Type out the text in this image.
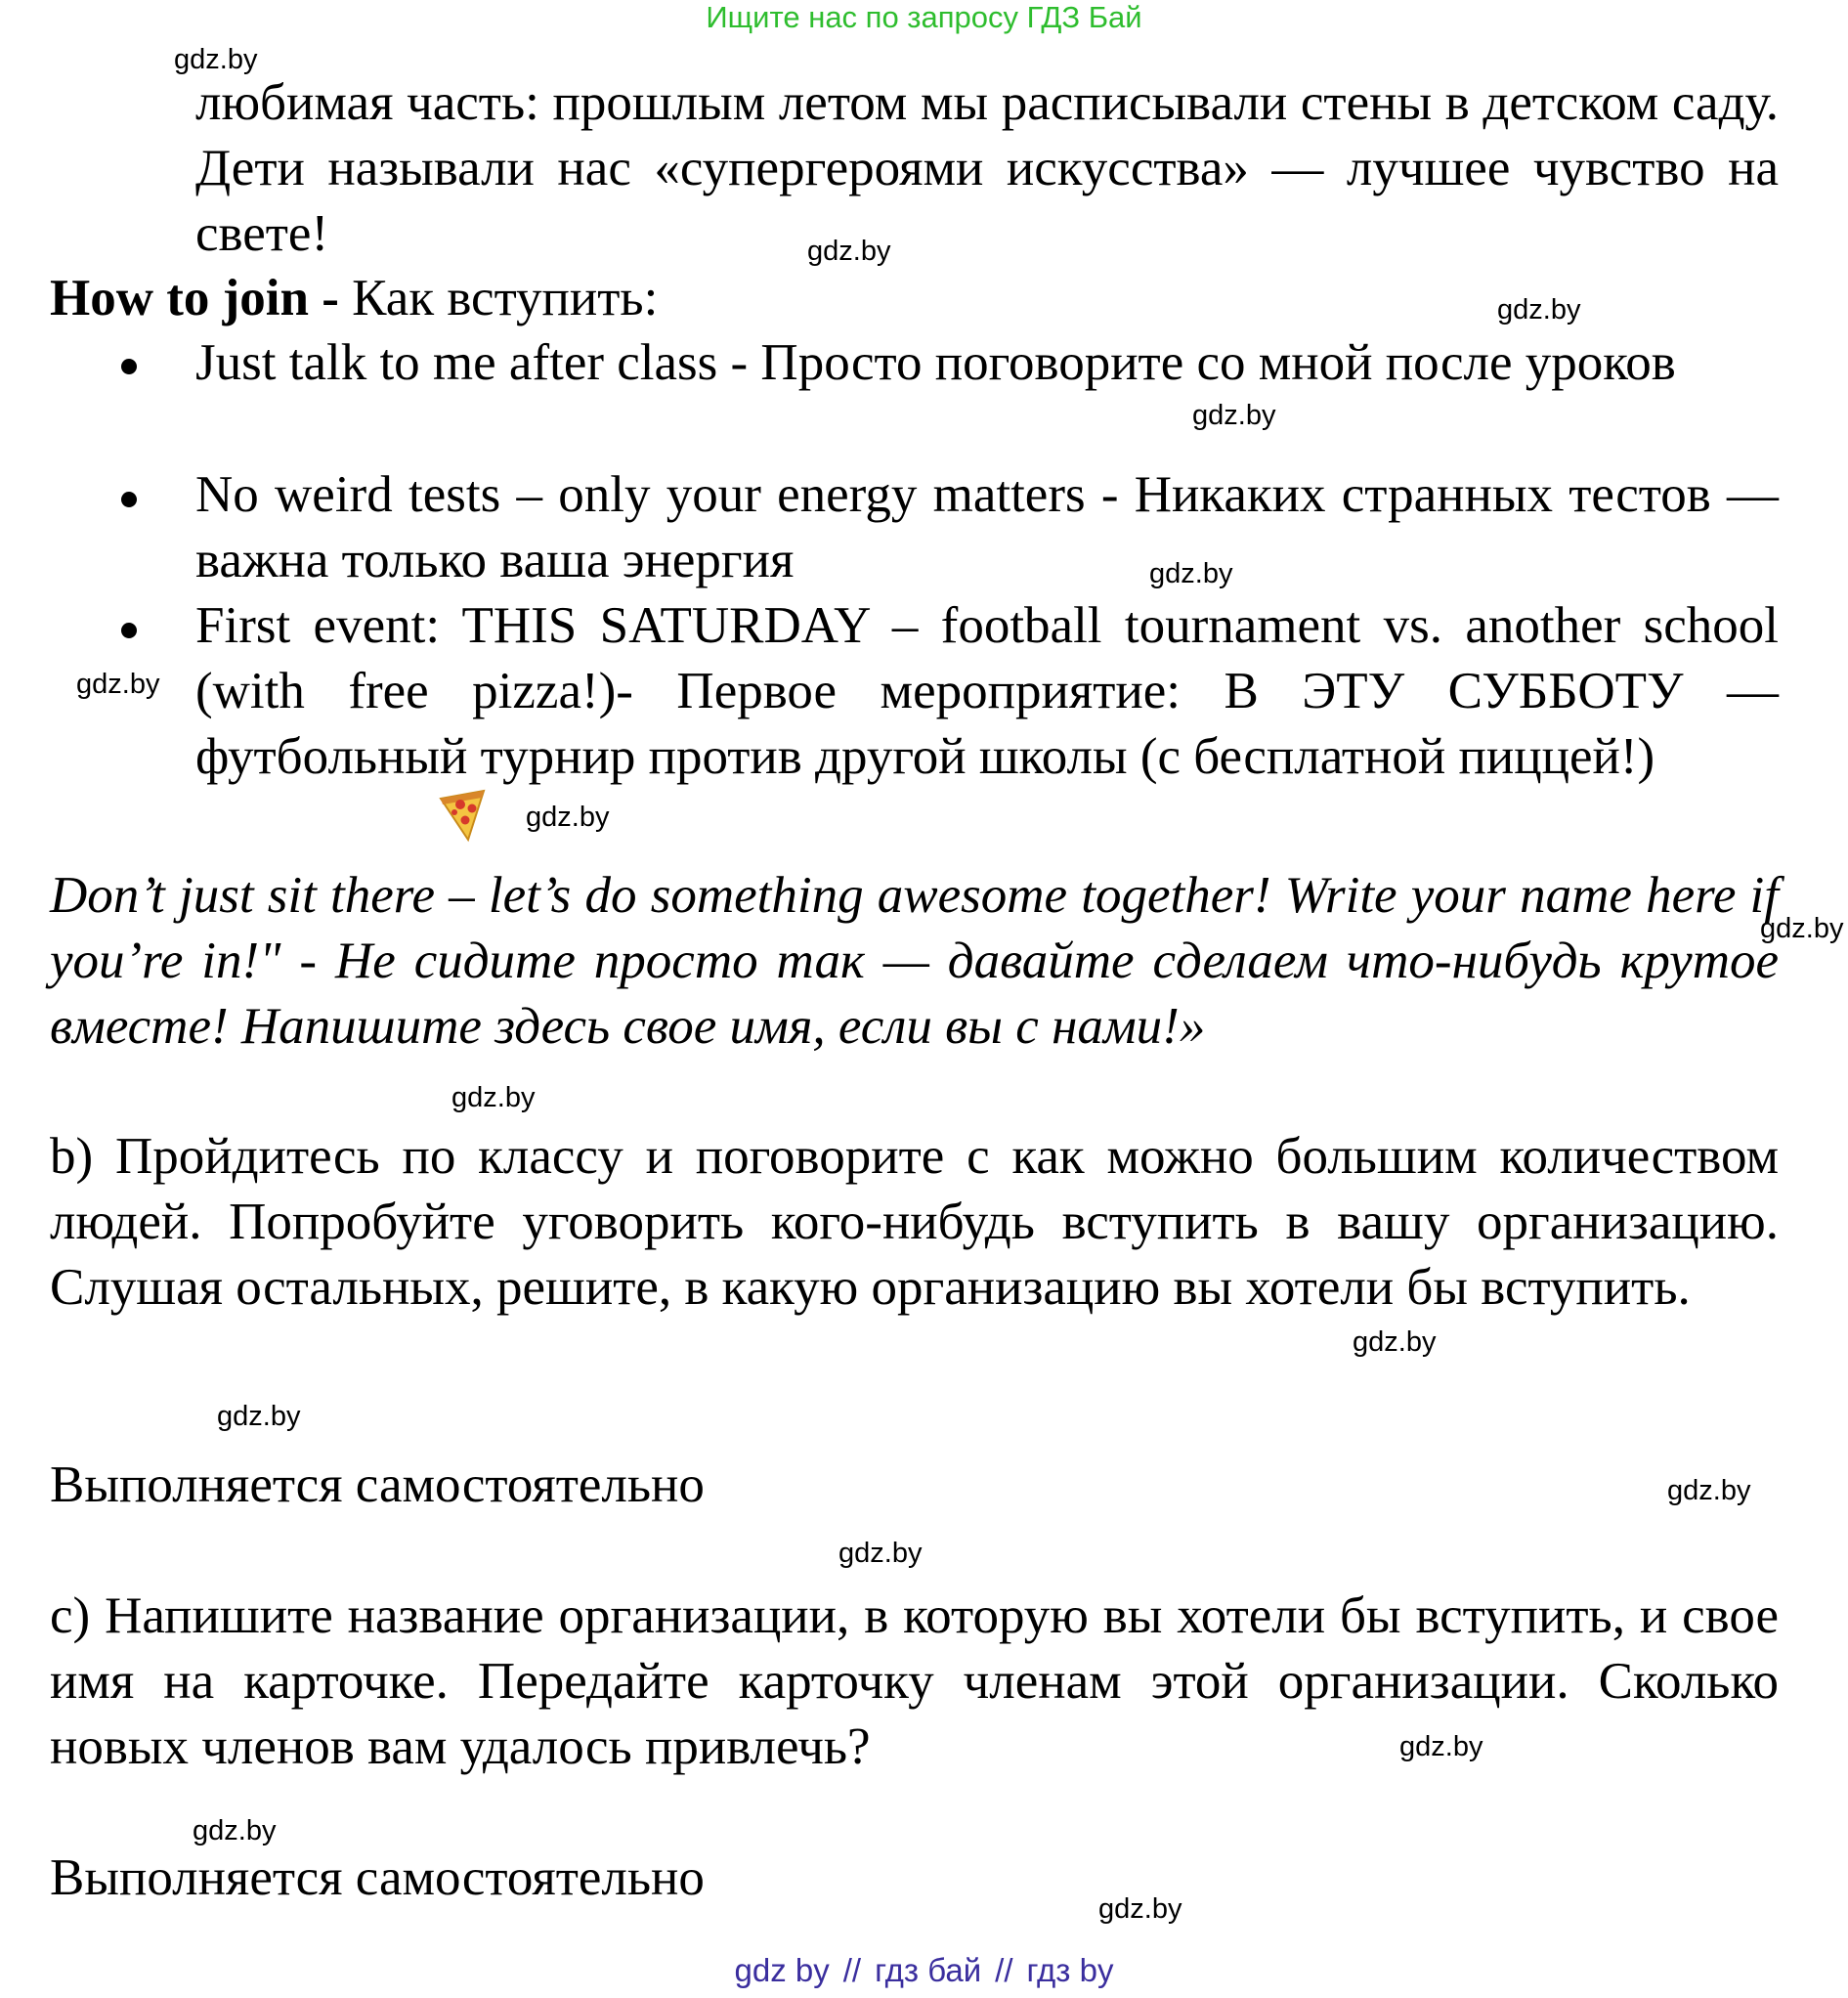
Ищите нас по запросу ГДЗ Бай
gdz.by
gdz.by
gdz.by
gdz.by
gdz.by
gdz.by
gdz.by
gdz.by
gdz.by
gdz.by
gdz.by
gdz.by
gdz.by
gdz.by
gdz.by
gdz.by

любимая часть: прошлым летом мы расписывали стены в детском саду. Дети называли нас «супергероями искусства» — лучшее чувство на свете!

How to join - Как вступить:

Just talk to me after class - Просто поговорите со мной после уроков

No weird tests – only your energy matters - Никаких странных тестов — важна только ваша энергия

First event: THIS SATURDAY – football tournament vs. another school (with free pizza!)- Первое мероприятие: В ЭТУ СУББОТУ — футбольный турнир против другой школы (с бесплатной пиццей!)

Don’t just sit there – let’s do something awesome together! Write your name here if you’re in!" - Не сидите просто так — давайте сделаем что-нибудь крутое вместе! Напишите здесь свое имя, если вы с нами!»

b) Пройдитесь по классу и поговорите с как можно большим количеством людей. Попробуйте уговорить кого-нибудь вступить в вашу организацию. Слушая остальных, решите, в какую организацию вы хотели бы вступить.

Выполняется самостоятельно

c) Напишите название организации, в которую вы хотели бы вступить, и свое имя на карточке. Передайте карточку членам этой организации. Сколько новых членов вам удалось привлечь?

Выполняется самостоятельно

gdz by // гдз бай // гдз by
